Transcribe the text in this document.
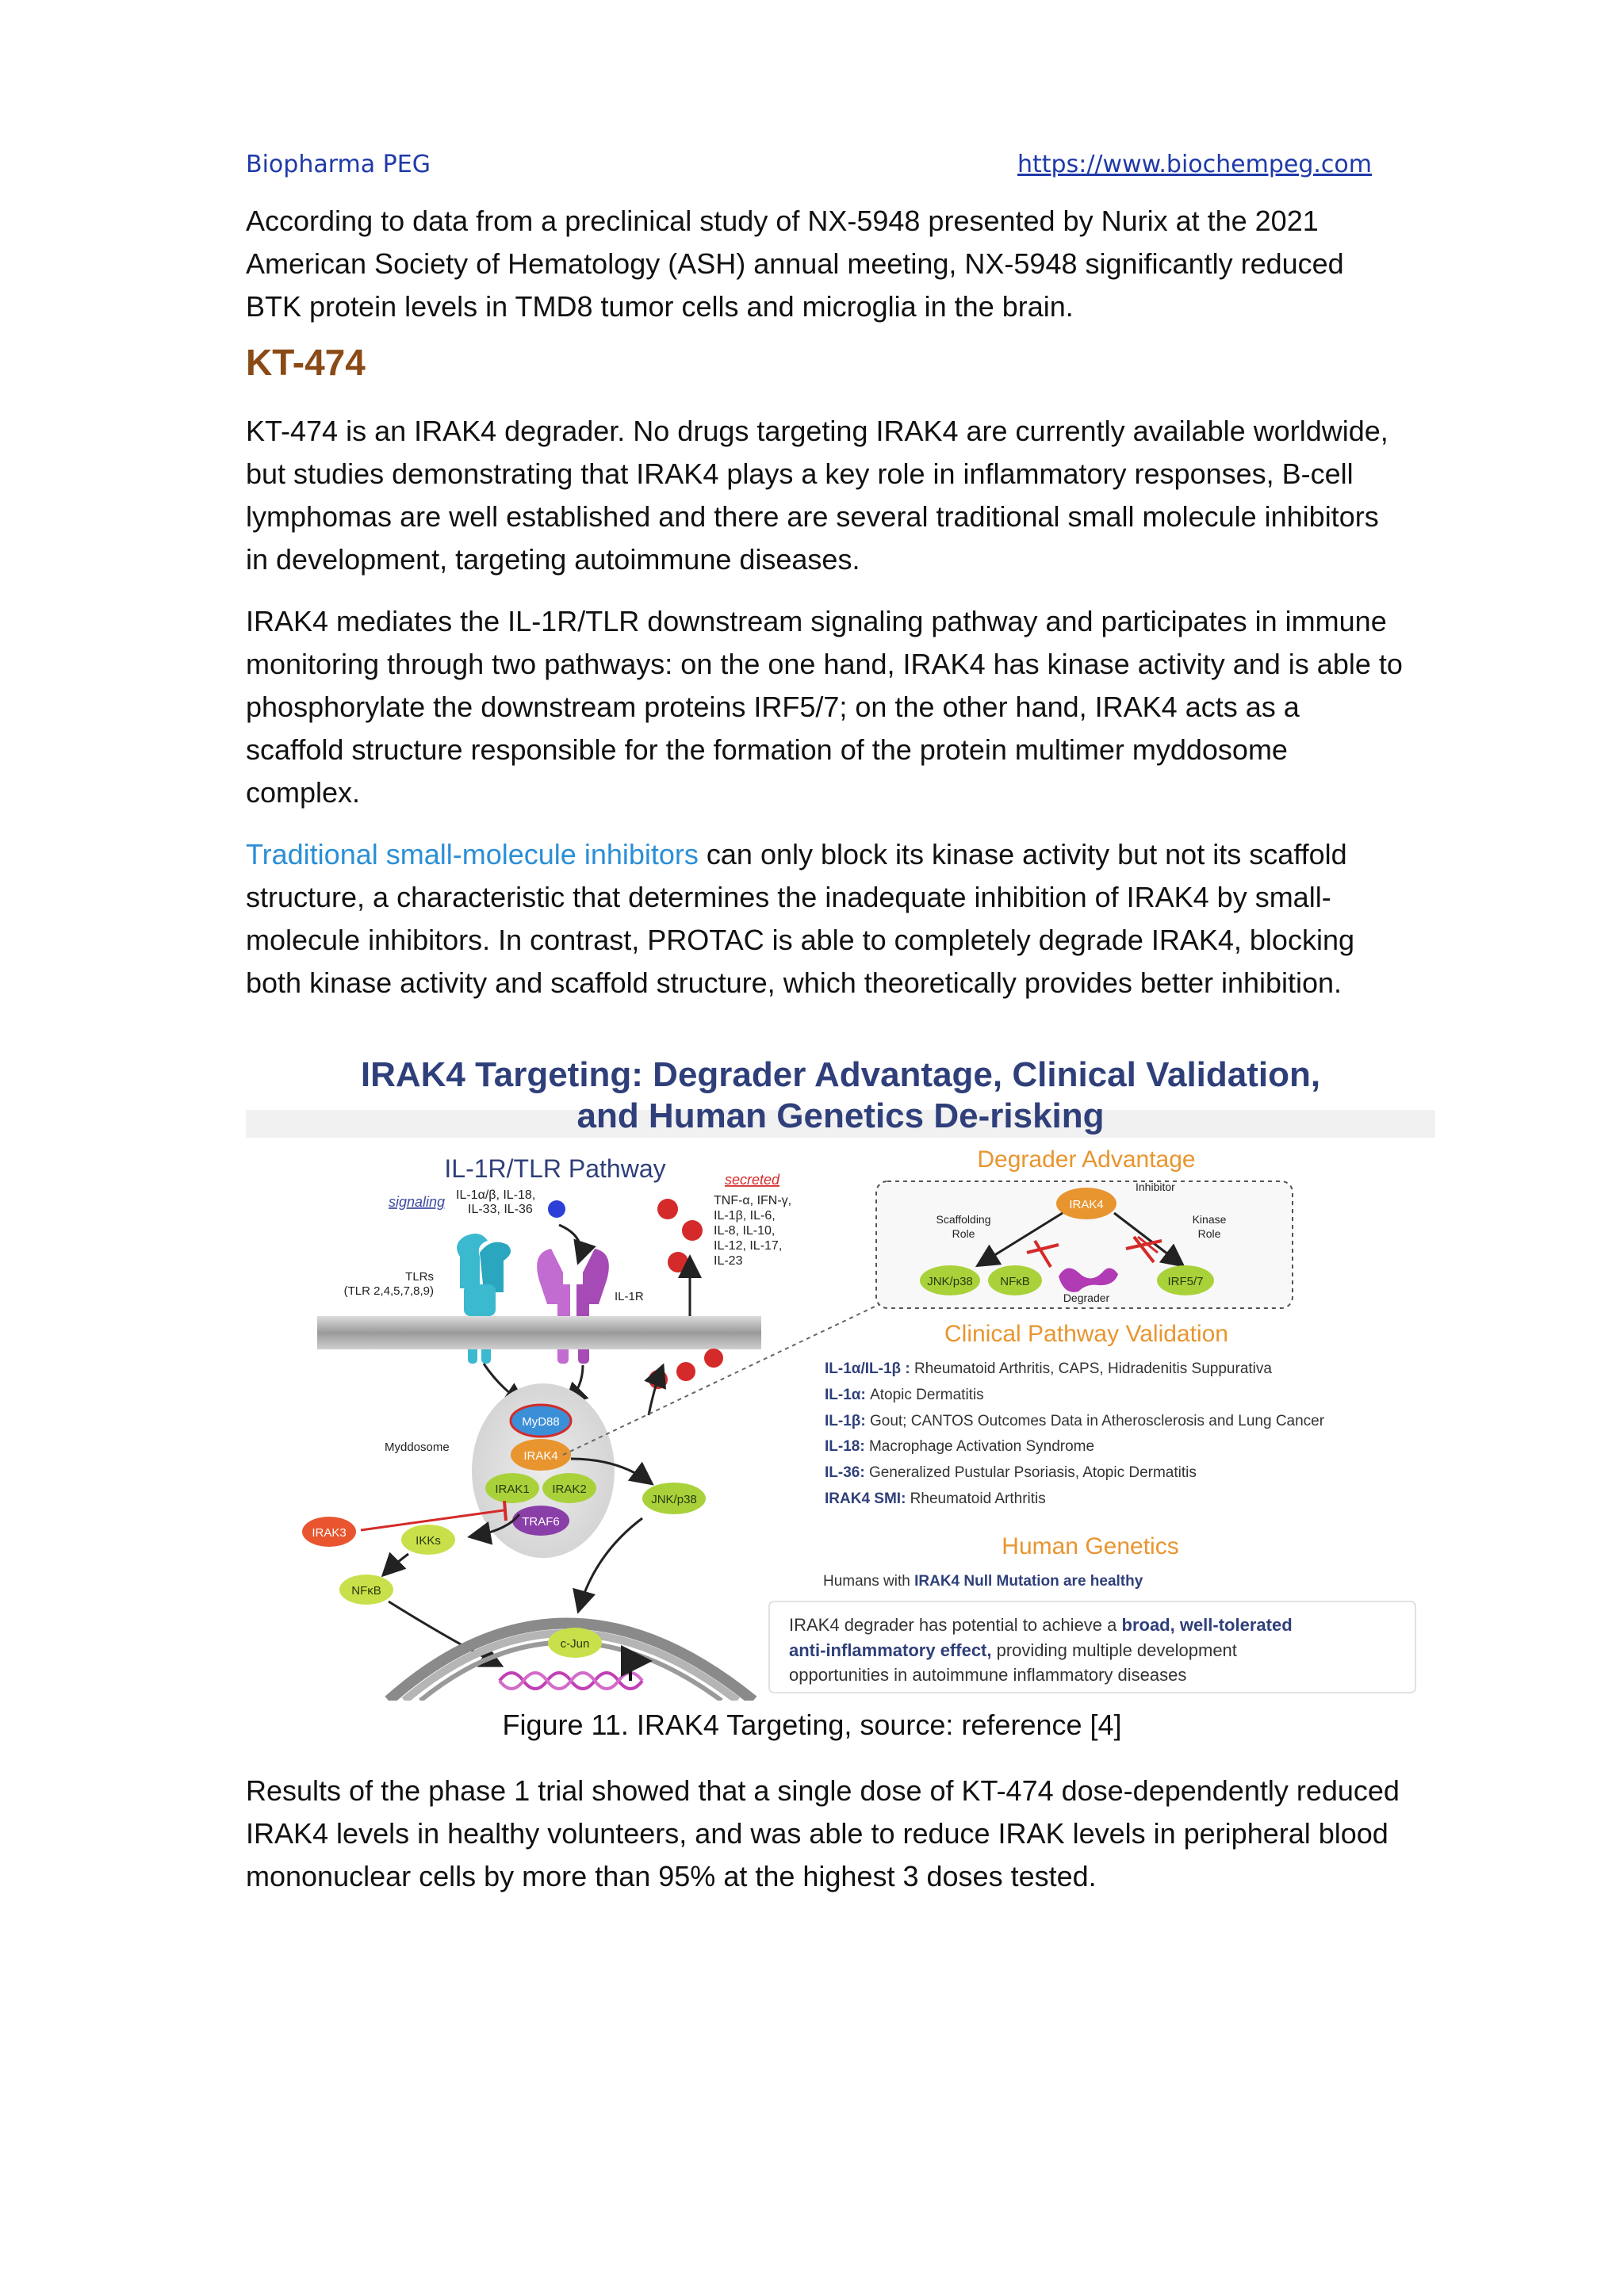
Biopharma PEG	https://www.biochempeg.com

According to data from a preclinical study of NX-5948 presented by Nurix at the 2021 American Society of Hematology (ASH) annual meeting, NX-5948 significantly reduced BTK protein levels in TMD8 tumor cells and microglia in the brain.

KT-474

KT-474 is an IRAK4 degrader. No drugs targeting IRAK4 are currently available worldwide, but studies demonstrating that IRAK4 plays a key role in inflammatory responses, B-cell lymphomas are well established and there are several traditional small molecule inhibitors in development, targeting autoimmune diseases.

IRAK4 mediates the IL-1R/TLR downstream signaling pathway and participates in immune monitoring through two pathways: on the one hand, IRAK4 has kinase activity and is able to phosphorylate the downstream proteins IRF5/7; on the other hand, IRAK4 acts as a scaffold structure responsible for the formation of the protein multimer myddosome complex.

Traditional small-molecule inhibitors can only block its kinase activity but not its scaffold structure, a characteristic that determines the inadequate inhibition of IRAK4 by small-molecule inhibitors. In contrast, PROTAC is able to completely degrade IRAK4, blocking both kinase activity and scaffold structure, which theoretically provides better inhibition.

IRAK4 Targeting: Degrader Advantage, Clinical Validation,
and Human Genetics De-risking
IL-1R/TLR Pathway
signaling IL-1α/β, IL-18,
IL-33, IL-36
secreted
TNF-α, IFN-γ,
IL-1β, IL-6,
IL-8, IL-10,
IL-12, IL-17,
IL-23
TLRs
(TLR 2,4,5,7,8,9)	IL-1R
Myddosome
MyD88
IRAK4
IRAK1 IRAK2
TRAF6
JNK/p38
IRAK3
IKKs
NFκB
c-Jun
Degrader Advantage
IRAK4
Inhibitor
Scaffolding
Role
Kinase
Role
JNK/p38 NFκB
Degrader
IRF5/7
Clinical Pathway Validation
IL-1α/IL-1β : Rheumatoid Arthritis, CAPS, Hidradenitis Suppurativa
IL-1α: Atopic Dermatitis
IL-1β: Gout; CANTOS Outcomes Data in Atherosclerosis and Lung Cancer
IL-18: Macrophage Activation Syndrome
IL-36: Generalized Pustular Psoriasis, Atopic Dermatitis
IRAK4 SMI: Rheumatoid Arthritis
Human Genetics
Humans with IRAK4 Null Mutation are healthy
IRAK4 degrader has potential to achieve a broad, well-tolerated
anti-inflammatory effect, providing multiple development
opportunities in autoimmune inflammatory diseases
Figure 11. IRAK4 Targeting, source: reference [4]

Results of the phase 1 trial showed that a single dose of KT-474 dose-dependently reduced IRAK4 levels in healthy volunteers, and was able to reduce IRAK levels in peripheral blood mononuclear cells by more than 95% at the highest 3 doses tested.
